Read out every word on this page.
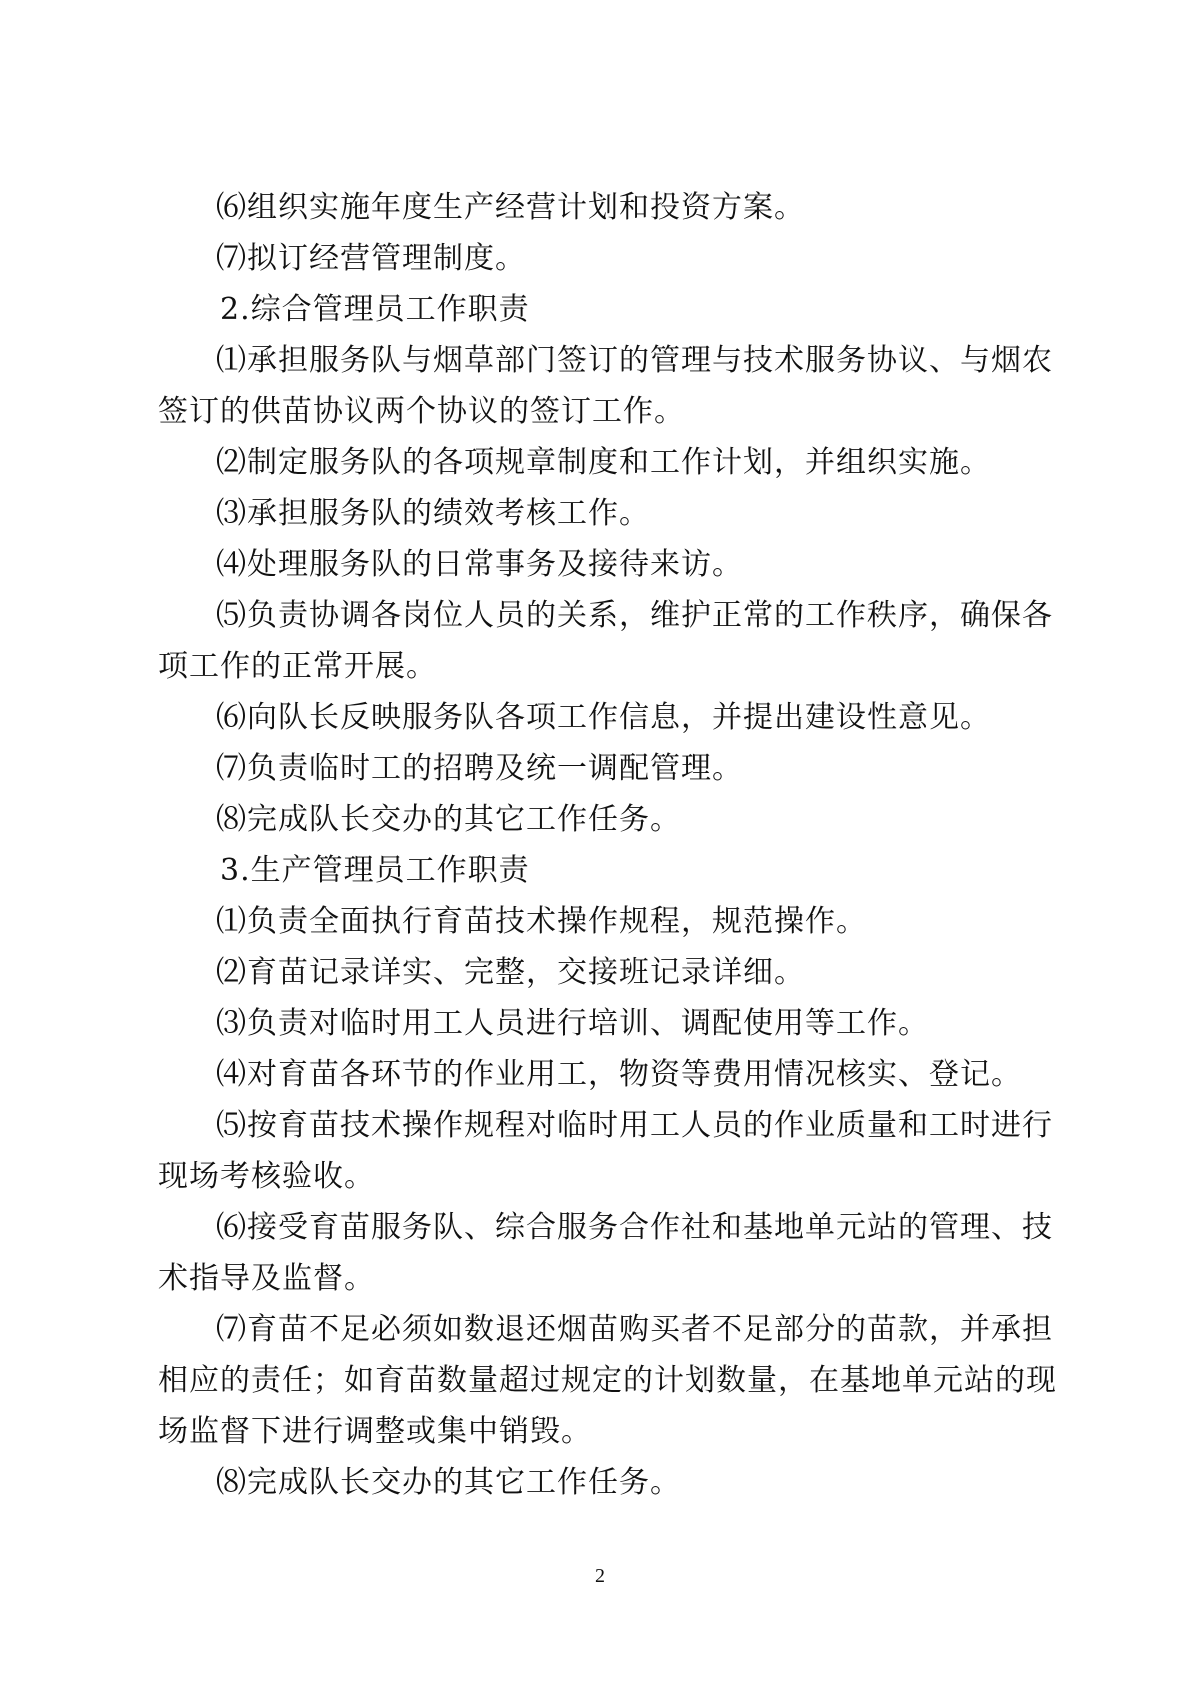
⑹组织实施年度生产经营计划和投资方案。

⑺拟订经营管理制度。

2.综合管理员工作职责

⑴承担服务队与烟草部门签订的管理与技术服务协议、与烟农签订的供苗协议两个协议的签订工作。

⑵制定服务队的各项规章制度和工作计划，并组织实施。

⑶承担服务队的绩效考核工作。

⑷处理服务队的日常事务及接待来访。

⑸负责协调各岗位人员的关系，维护正常的工作秩序，确保各项工作的正常开展。

⑹向队长反映服务队各项工作信息，并提出建设性意见。

⑺负责临时工的招聘及统一调配管理。

⑻完成队长交办的其它工作任务。

3.生产管理员工作职责

⑴负责全面执行育苗技术操作规程，规范操作。

⑵育苗记录详实、完整，交接班记录详细。

⑶负责对临时用工人员进行培训、调配使用等工作。

⑷对育苗各环节的作业用工，物资等费用情况核实、登记。

⑸按育苗技术操作规程对临时用工人员的作业质量和工时进行现场考核验收。

⑹接受育苗服务队、综合服务合作社和基地单元站的管理、技术指导及监督。

⑺育苗不足必须如数退还烟苗购买者不足部分的苗款，并承担相应的责任；如育苗数量超过规定的计划数量，在基地单元站的现场监督下进行调整或集中销毁。

⑻完成队长交办的其它工作任务。

2
